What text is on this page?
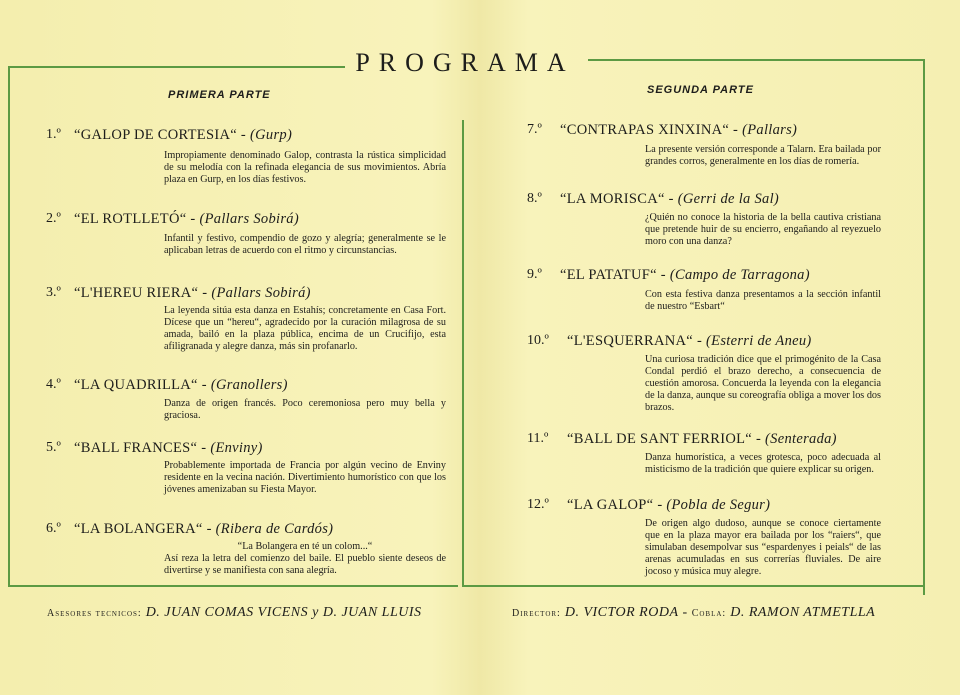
PROGRAMA
PRIMERA PARTE	SEGUNDA PARTE
1.º “GALOP DE CORTESIA“ - (Gurp)
Impropiamente denominado Galop, contrasta la rústica simplicidad de su melodía con la refinada elegancia de sus movimientos. Abría plaza en Gurp, en los días festivos.
2.º “EL ROTLLETÓ“ - (Pallars Sobirá)
Infantil y festivo, compendio de gozo y alegría; generalmente se le aplicaban letras de acuerdo con el ritmo y circunstancias.
3.º “L'HEREU RIERA“ - (Pallars Sobirá)
La leyenda sitúa esta danza en Estahís; concretamente en Casa Fort. Dícese que un “hereu“, agradecido por la curación milagrosa de su amada, bailó en la plaza pública, encima de un Crucifijo, esta afiligranada y alegre danza, más sin profanarlo.
4.º “LA QUADRILLA“ - (Granollers)
Danza de origen francés. Poco ceremoniosa pero muy bella y graciosa.
5.º “BALL FRANCES“ - (Enviny)
Probablemente importada de Francia por algún vecino de Enviny residente en la vecina nación. Divertimiento humorístico con que los jóvenes amenizaban su Fiesta Mayor.
6.º “LA BOLANGERA“ - (Ribera de Cardós)
“La Bolangera en té un colom...“
Así reza la letra del comienzo del baile. El pueblo siente deseos de divertirse y se manifiesta con sana alegría.
7.º “CONTRAPAS XINXINA“ - (Pallars)
La presente versión corresponde a Talarn. Era bailada por grandes corros, generalmente en los días de romería.
8.º “LA MORISCA“ - (Gerri de la Sal)
¿Quién no conoce la historia de la bella cautiva cristiana que pretende huir de su encierro, engañando al reyezuelo moro con una danza?
9.º “EL PATATUF“ - (Campo de Tarragona)
Con esta festiva danza presentamos a la sección infantil de nuestro “Esbart“
10.º “L'ESQUERRANA“ - (Esterri de Aneu)
Una curiosa tradición dice que el primogénito de la Casa Condal perdió el brazo derecho, a consecuencia de cuestión amorosa. Concuerda la leyenda con la elegancia de la danza, aunque su coreografía obliga a mover los dos brazos.
11.º “BALL DE SANT FERRIOL“ - (Senterada)
Danza humorística, a veces grotesca, poco adecuada al misticismo de la tradición que quiere explicar su origen.
12.º “LA GALOP“ - (Pobla de Segur)
De origen algo dudoso, aunque se conoce ciertamente que en la plaza mayor era bailada por los “raiers“, que simulaban desempolvar sus “espardenyes i peials“ de las arenas acumuladas en sus correrías fluviales. De aire jocoso y música muy alegre.
Asesores tecnicos: D. JUAN COMAS VICENS y D. JUAN LLUIS	Director: D. VICTOR RODA - Cobla: D. RAMON ATMETLLA
